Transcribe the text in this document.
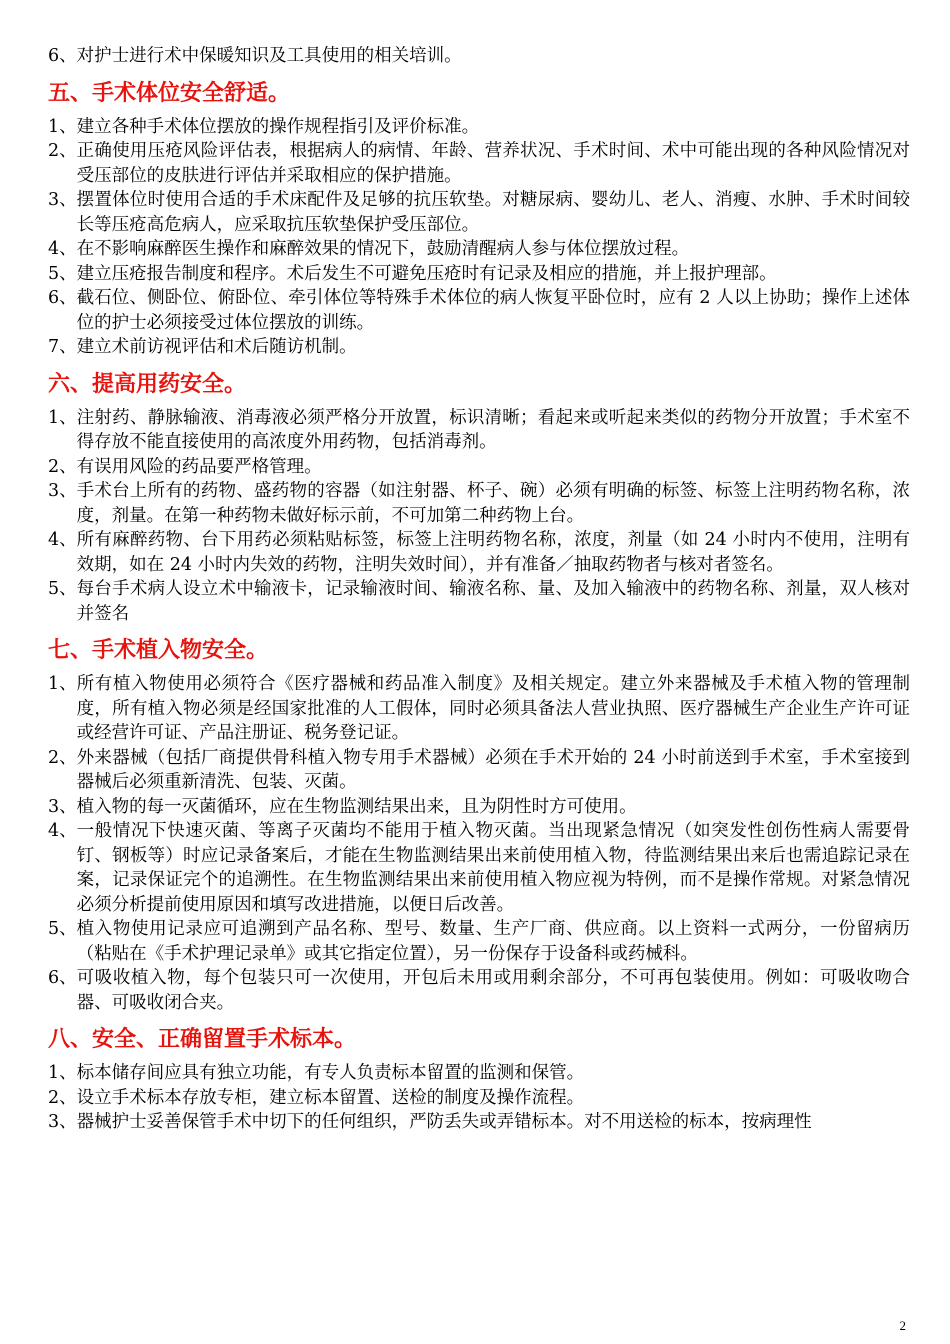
6、 对护士进行术中保暖知识及工具使用的相关培训。
五、手术体位安全舒适。
1、 建立各种手术体位摆放的操作规程指引及评价标准。
2、 正确使用压疮风险评估表，根据病人的病情、年龄、营养状况、手术时间、术中可能出现的各种风险情况对受压部位的皮肤进行评估并采取相应的保护措施。
3、 摆置体位时使用合适的手术床配件及足够的抗压软垫。对糖尿病、婴幼儿、老人、消瘦、水肿、手术时间较长等压疮高危病人，应采取抗压软垫保护受压部位。
4、 在不影响麻醉医生操作和麻醉效果的情况下，鼓励清醒病人参与体位摆放过程。
5、 建立压疮报告制度和程序。术后发生不可避免压疮时有记录及相应的措施，并上报护理部。
6、 截石位、侧卧位、俯卧位、牵引体位等特殊手术体位的病人恢复平卧位时，应有 2 人以上协助；操作上述体位的护士必须接受过体位摆放的训练。
7、 建立术前访视评估和术后随访机制。
六、提高用药安全。
1、 注射药、静脉输液、消毒液必须严格分开放置，标识清晰；看起来或听起来类似的药物分开放置；手术室不得存放不能直接使用的高浓度外用药物，包括消毒剂。
2、 有误用风险的药品要严格管理。
3、 手术台上所有的药物、盛药物的容器（如注射器、杯子、碗）必须有明确的标签、标签上注明药物名称，浓度，剂量。在第一种药物未做好标示前，不可加第二种药物上台。
4、 所有麻醉药物、台下用药必须粘贴标签，标签上注明药物名称，浓度，剂量（如 24 小时内不使用，注明有效期，如在 24 小时内失效的药物，注明失效时间），并有准备／抽取药物者与核对者签名。
5、 每台手术病人设立术中输液卡，记录输液时间、输液名称、量、及加入输液中的药物名称、剂量，双人核对并签名
七、手术植入物安全。
1、 所有植入物使用必须符合《医疗器械和药品准入制度》及相关规定。建立外来器械及手术植入物的管理制度，所有植入物必须是经国家批准的人工假体，同时必须具备法人营业执照、医疗器械生产企业生产许可证或经营许可证、产品注册证、税务登记证。
2、 外来器械（包括厂商提供骨科植入物专用手术器械）必须在手术开始的 24 小时前送到手术室，手术室接到器械后必须重新清洗、包装、灭菌。
3、 植入物的每一灭菌循环，应在生物监测结果出来，且为阴性时方可使用。
4、 一般情况下快速灭菌、等离子灭菌均不能用于植入物灭菌。当出现紧急情况（如突发性创伤性病人需要骨钉、钢板等）时应记录备案后，才能在生物监测结果出来前使用植入物，待监测结果出来后也需追踪记录在案，记录保证完个的追溯性。在生物监测结果出来前使用植入物应视为特例，而不是操作常规。对紧急情况必须分析提前使用原因和填写改进措施，以便日后改善。
5、 植入物使用记录应可追溯到产品名称、型号、数量、生产厂商、供应商。以上资料一式两分，一份留病历（粘贴在《手术护理记录单》或其它指定位置），另一份保存于设备科或药械科。
6、 可吸收植入物，每个包装只可一次使用，开包后未用或用剩余部分，不可再包装使用。例如：可吸收吻合器、可吸收闭合夹。
八、安全、正确留置手术标本。
1、 标本储存间应具有独立功能，有专人负责标本留置的监测和保管。
2、 设立手术标本存放专柜，建立标本留置、送检的制度及操作流程。
3、 器械护士妥善保管手术中切下的任何组织，严防丢失或弄错标本。对不用送检的标本，按病理性
2
